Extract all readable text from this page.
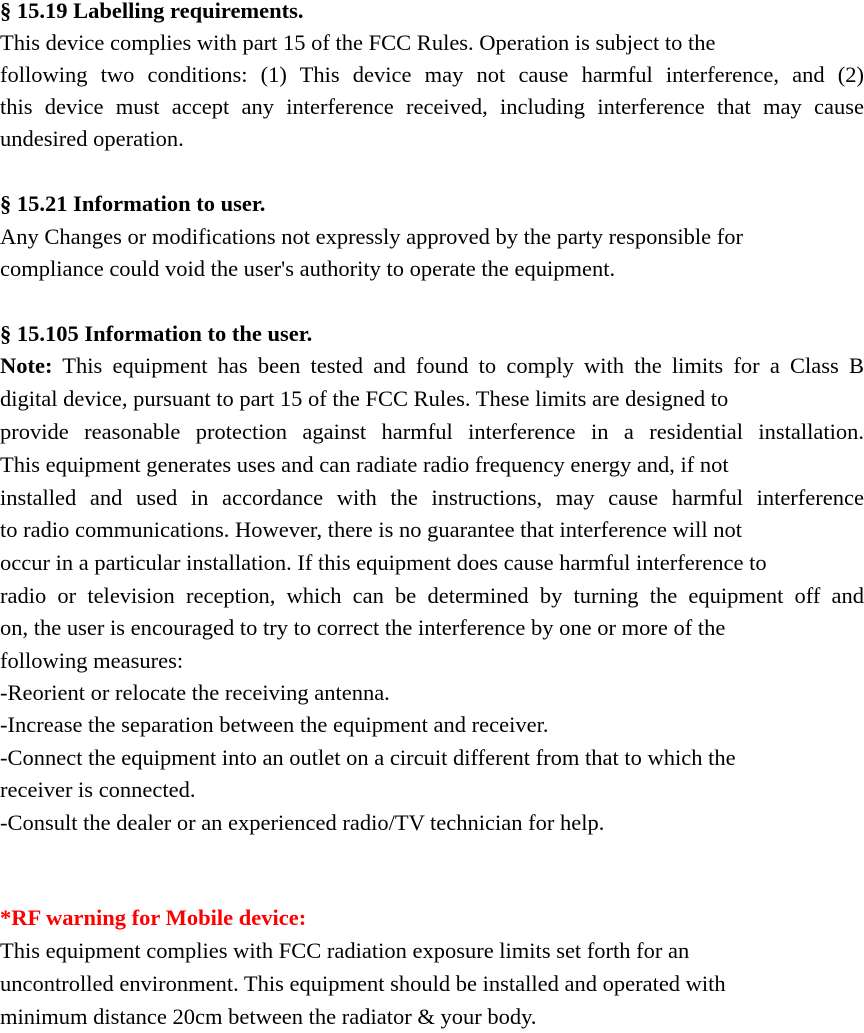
§ 15.19 Labelling requirements.
This device complies with part 15 of the FCC Rules. Operation is subject to the
following two conditions: (1) This device may not cause harmful interference, and (2)
this device must accept any interference received, including interference that may cause
undesired operation.
§ 15.21 Information to user.
Any Changes or modifications not expressly approved by the party responsible for
compliance could void the user's authority to operate the equipment.
§ 15.105 Information to the user.
Note: This equipment has been tested and found to comply with the limits for a Class B
digital device, pursuant to part 15 of the FCC Rules. These limits are designed to
provide reasonable protection against harmful interference in a residential installation.
This equipment generates uses and can radiate radio frequency energy and, if not
installed and used in accordance with the instructions, may cause harmful interference
to radio communications. However, there is no guarantee that interference will not
occur in a particular installation. If this equipment does cause harmful interference to
radio or television reception, which can be determined by turning the equipment off and
on, the user is encouraged to try to correct the interference by one or more of the
following measures:
-Reorient or relocate the receiving antenna.
-Increase the separation between the equipment and receiver.
-Connect the equipment into an outlet on a circuit different from that to which the
receiver is connected.
-Consult the dealer or an experienced radio/TV technician for help.
*RF warning for Mobile device:
This equipment complies with FCC radiation exposure limits set forth for an
uncontrolled environment. This equipment should be installed and operated with
minimum distance 20cm between the radiator & your body.
